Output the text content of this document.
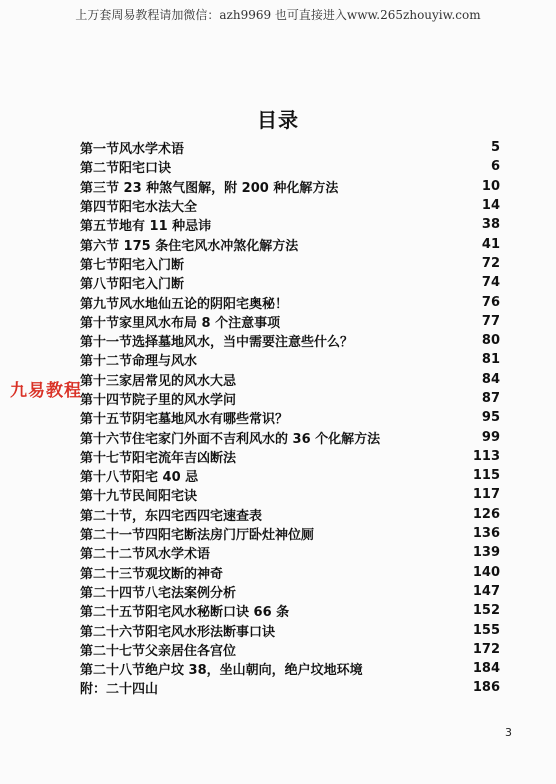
上万套周易教程请加微信：azh9969 也可直接进入www.265zhouyiw.com
目录
第一节风水学术语	5
第二节阳宅口诀	6
第三节 23 种煞气图解，附 200 种化解方法	10
第四节阳宅水法大全	14
第五节地有 11 种忌讳	38
第六节 175 条住宅风水冲煞化解方法	41
第七节阳宅入门断	72
第八节阳宅入门断	74
第九节风水地仙五论的阴阳宅奥秘！	76
第十节家里风水布局 8 个注意事项	77
第十一节选择墓地风水，当中需要注意些什么？	80
第十二节命理与风水	81
第十三家居常见的风水大忌	84
第十四节院子里的风水学问	87
第十五节阴宅墓地风水有哪些常识？	95
第十六节住宅家门外面不吉利风水的 36 个化解方法	99
第十七节阳宅流年吉凶断法	113
第十八节阳宅 40 忌	115
第十九节民间阳宅诀	117
第二十节，东四宅西四宅速查表	126
第二十一节四阳宅断法房门厅卧灶神位厕	136
第二十二节风水学术语	139
第二十三节观坟断的神奇	140
第二十四节八宅法案例分析	147
第二十五节阳宅风水秘断口诀 66 条	152
第二十六节阳宅风水形法断事口诀	155
第二十七节父亲居住各宫位	172
第二十八节绝户坟 38，坐山朝向，绝户坟地环境	184
附：二十四山	186
九易教程
3
